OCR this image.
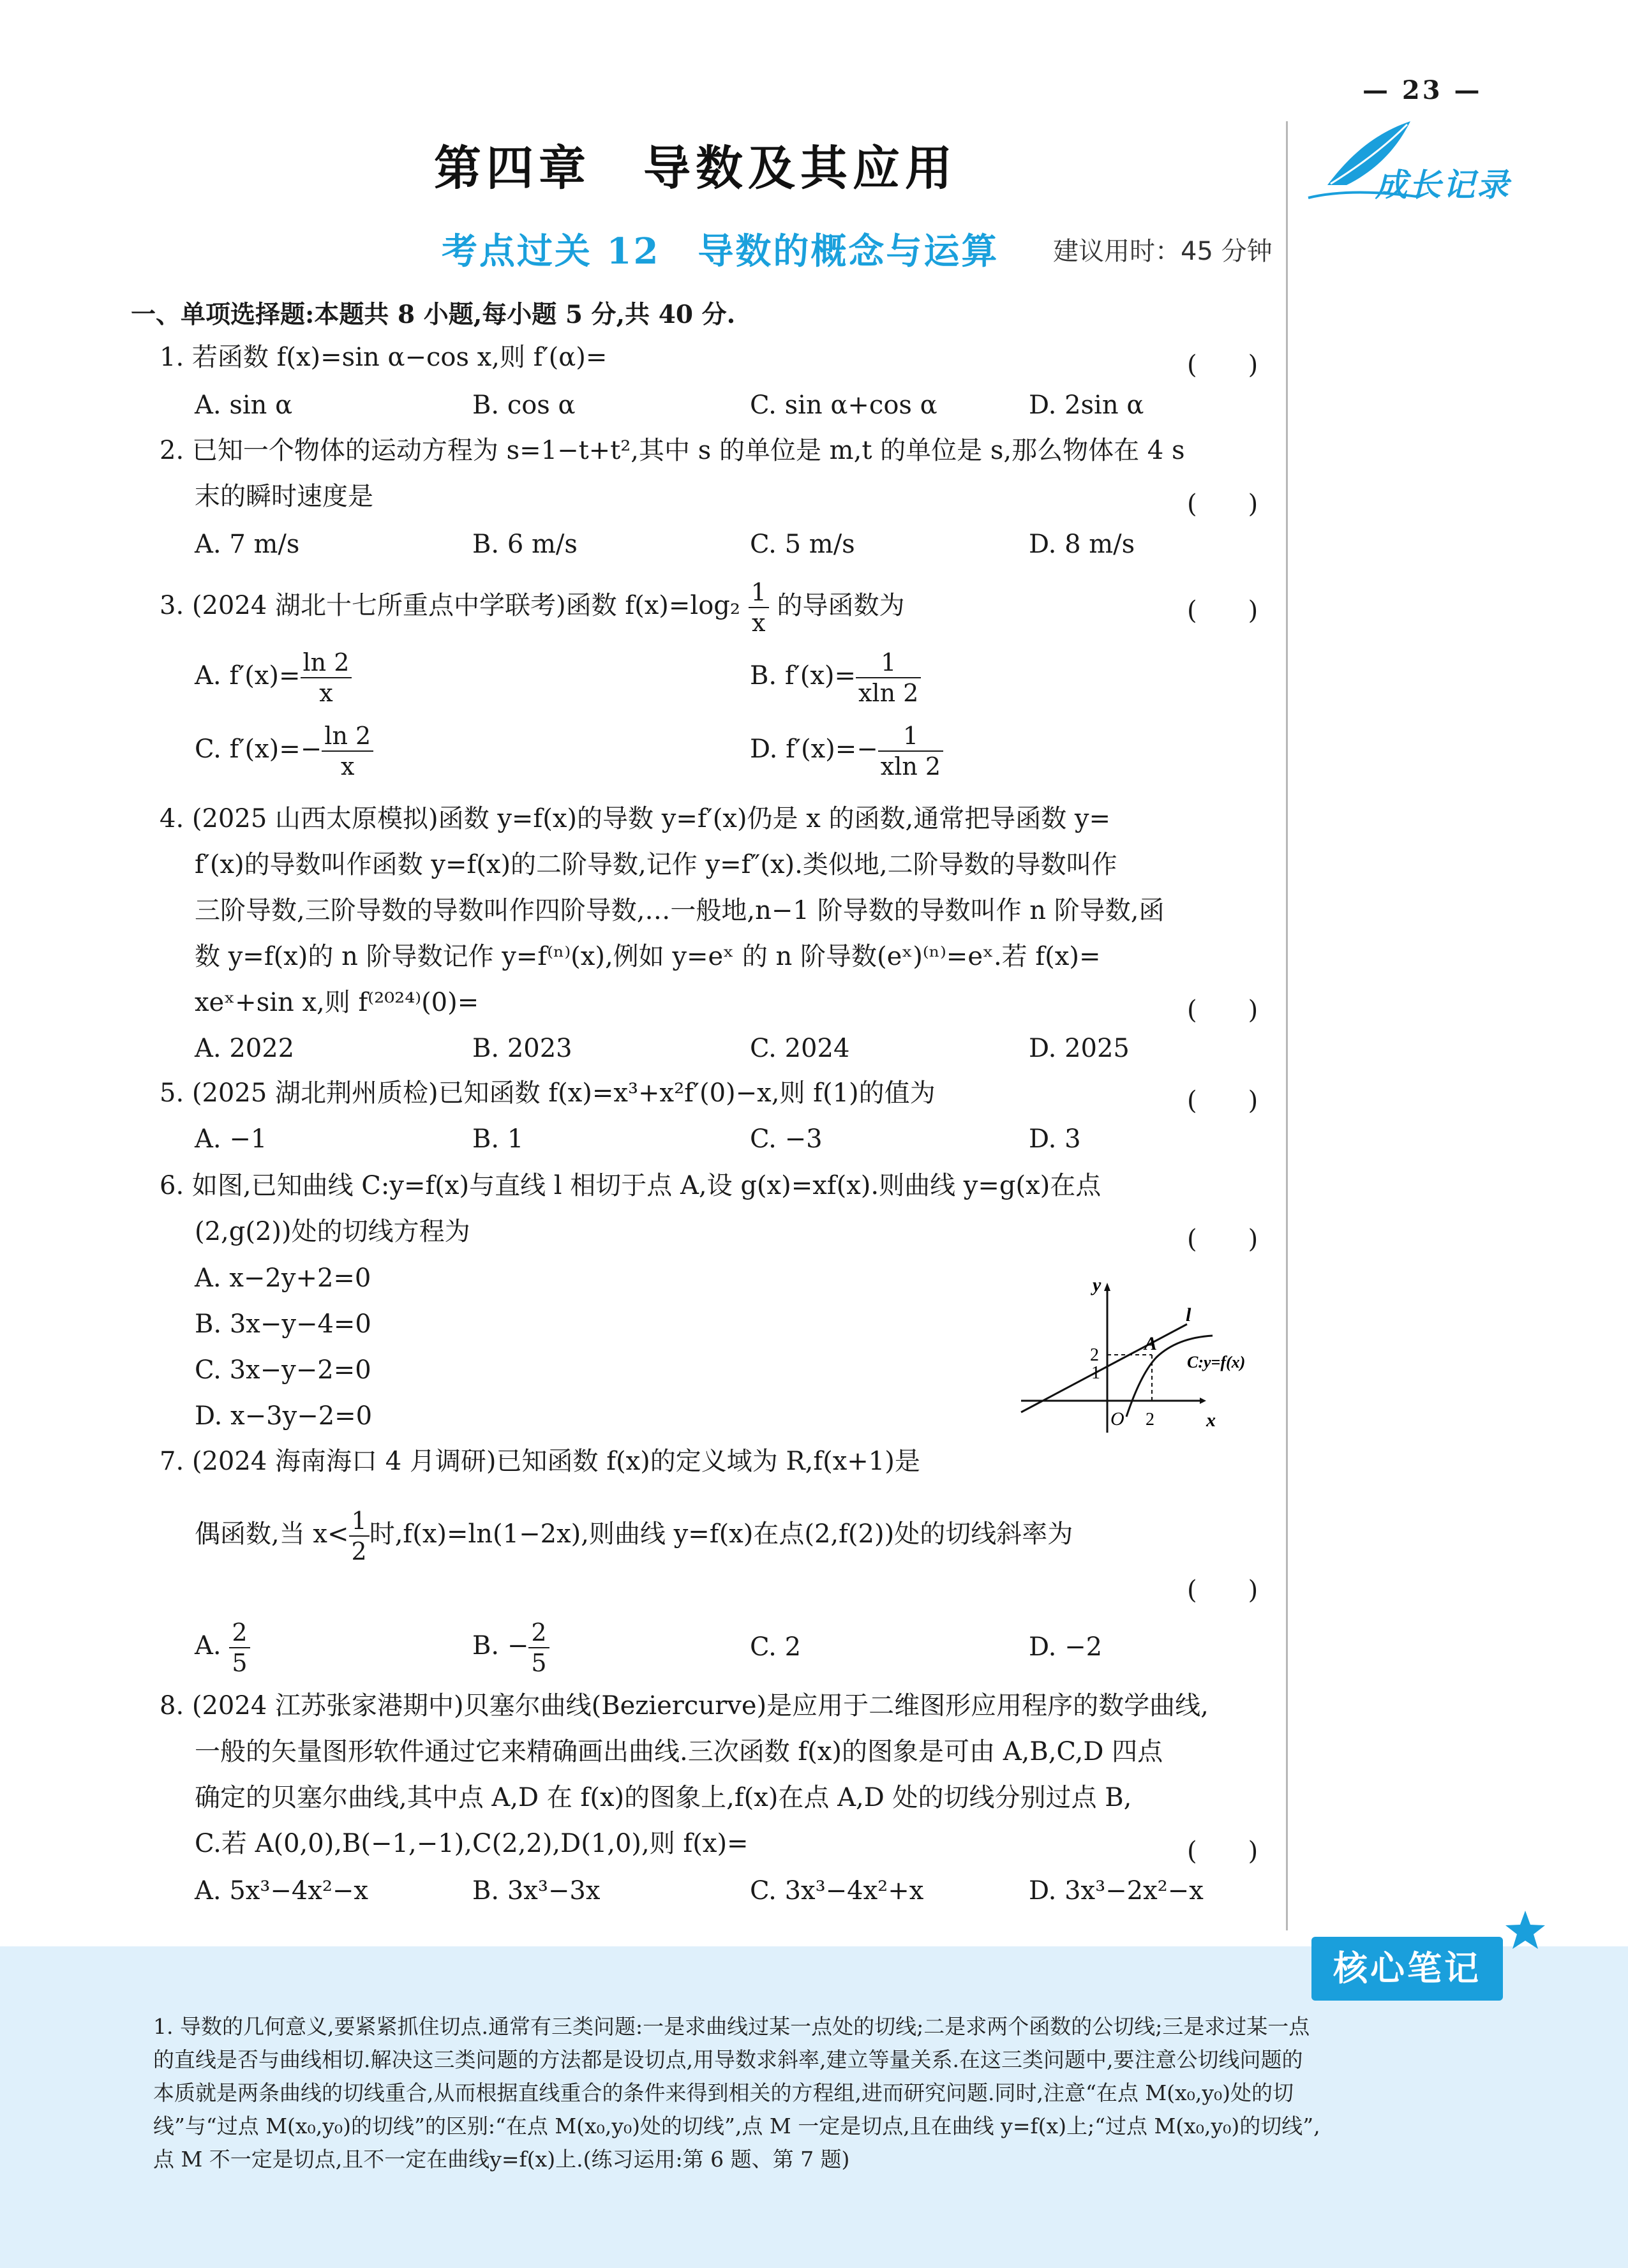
— 23 —
成长记录
第四章　导数及其应用
考点过关 12　导数的概念与运算 建议用时：45 分钟
一、单项选择题:本题共 8 小题,每小题 5 分,共 40 分.
1. 若函数 f(x)=sin α−cos x,则 f′(α)=	(　　)
A. sin α	B. cos α	C. sin α+cos α	D. 2sin α
2. 已知一个物体的运动方程为 s=1−t+t²,其中 s 的单位是 m,t 的单位是 s,那么物体在 4 s
末的瞬时速度是	(　　)
A. 7 m/s	B. 6 m/s	C. 5 m/s	D. 8 m/s
3. (2024 湖北十七所重点中学联考)函数 $f(x)=\log_2 \frac{1}{x}$ 的导函数为	(　　)
A. $f'(x)= \frac{\ln 2}{x}$	B. $f'(x)= \frac{1}{xln 2}$
C. $f'(x)=- \frac{\ln 2}{x}$	D. $f'(x)=- \frac{1}{xln 2}$
4. (2025 山西太原模拟)函数 y=f(x)的导数 y=f′(x)仍是 x 的函数,通常把导函数 y=
f′(x)的导数叫作函数 y=f(x)的二阶导数,记作 y=f″(x).类似地,二阶导数的导数叫作
三阶导数,三阶导数的导数叫作四阶导数,…一般地,n−1 阶导数的导数叫作 n 阶导数,函
数 y=f(x)的 n 阶导数记作 y=f⁽ⁿ⁾(x),例如 y=eˣ 的 n 阶导数(eˣ)⁽ⁿ⁾=eˣ.若 f(x)=
xeˣ+sin x,则 f⁽²⁰²⁴⁾(0)=	(　　)
A. 2022	B. 2023	C. 2024	D. 2025
5. (2025 湖北荆州质检)已知函数 f(x)=x³+x²f′(0)−x,则 f(1)的值为	(　　)
A. −1	B. 1	C. −3	D. 3
6. 如图,已知曲线 C:y=f(x)与直线 l 相切于点 A,设 g(x)=xf(x).则曲线 y=g(x)在点
(2,g(2))处的切线方程为	(　　)
A. x−2y+2=0
B. 3x−y−4=0
C. 3x−y−2=0
D. x−3y−2=0
y
x
O
2
1
2
A
l
C:y=f(x)
7. (2024 海南海口 4 月调研)已知函数 f(x)的定义域为 R,f(x+1)是
偶函数,当 $x< \frac{1}{2}$ 时,f(x)=ln(1−2x),则曲线 y=f(x)在点(2,f(2))处的切线斜率为
(　　)
A. $\frac{2}{5}$	B. − $\frac{2}{5}$	C. 2	D. −2
8. (2024 江苏张家港期中)贝塞尔曲线(Beziercurve)是应用于二维图形应用程序的数学曲线,
一般的矢量图形软件通过它来精确画出曲线.三次函数 f(x)的图象是可由 A,B,C,D 四点
确定的贝塞尔曲线,其中点 A,D 在 f(x)的图象上,f(x)在点 A,D 处的切线分别过点 B,
C.若 A(0,0),B(−1,−1),C(2,2),D(1,0),则 f(x)=	(　　)
A. 5x³−4x²−x	B. 3x³−3x	C. 3x³−4x²+x	D. 3x³−2x²−x
核心笔记
1. 导数的几何意义,要紧紧抓住切点.通常有三类问题:一是求曲线过某一点处的切线;二是求两个函数的公切线;三是求过某一点的直线是否与曲线相切.解决这三类问题的方法都是设切点,用导数求斜率,建立等量关系.在这三类问题中,要注意公切线问题的本质就是两条曲线的切线重合,从而根据直线重合的条件来得到相关的方程组,进而研究问题.同时,注意“在点 M(x₀,y₀)处的切线”与“过点 M(x₀,y₀)的切线”的区别:“在点 M(x₀,y₀)处的切线”,点 M 一定是切点,且在曲线 y=f(x)上;“过点 M(x₀,y₀)的切线”,点 M 不一定是切点,且不一定在曲线y=f(x)上.(练习运用:第 6 题、第 7 题)
